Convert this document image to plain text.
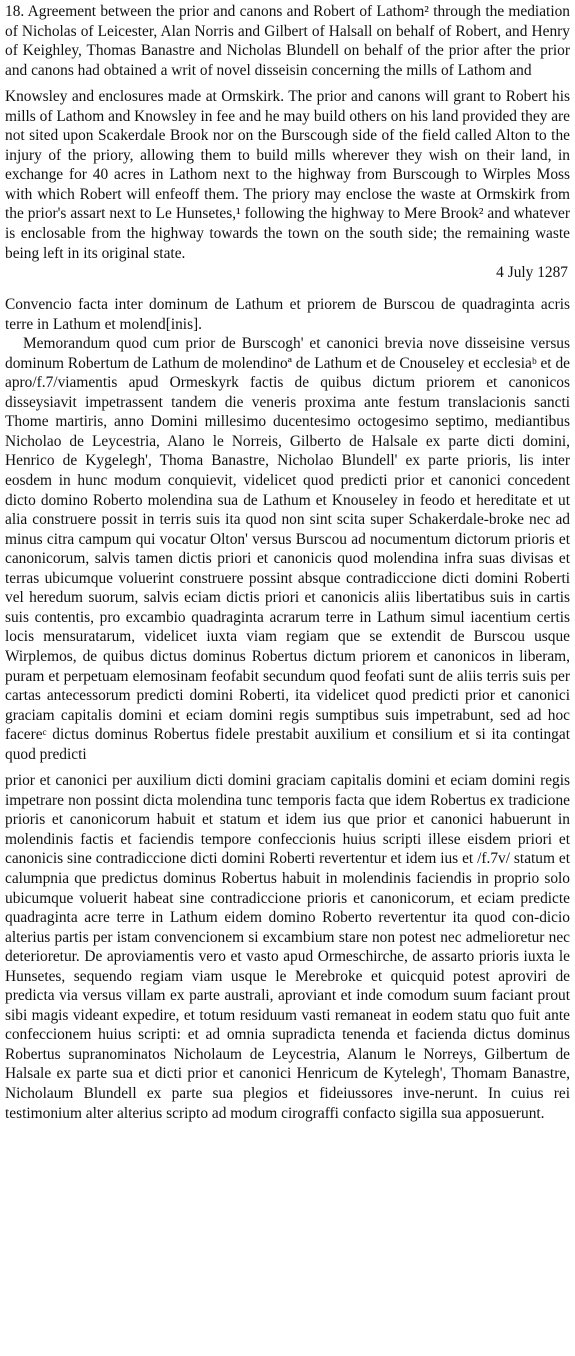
18. Agreement between the prior and canons and Robert of Lathom² through the mediation of Nicholas of Leicester, Alan Norris and Gilbert of Halsall on behalf of Robert, and Henry of Keighley, Thomas Banastre and Nicholas Blundell on behalf of the prior after the prior and canons had obtained a writ of novel disseisin concerning the mills of Lathom and

Knowsley and enclosures made at Ormskirk. The prior and canons will grant to Robert his mills of Lathom and Knowsley in fee and he may build others on his land provided they are not sited upon Scakerdale Brook nor on the Burscough side of the field called Alton to the injury of the priory, allowing them to build mills wherever they wish on their land, in exchange for 40 acres in Lathom next to the highway from Burscough to Wirples Moss with which Robert will enfeoff them. The priory may enclose the waste at Ormskirk from the prior's assart next to Le Hunsetes,¹ following the highway to Mere Brook² and whatever is enclosable from the highway towards the town on the south side; the remaining waste being left in its original state.

4 July 1287

Convencio facta inter dominum de Lathum et priorem de Burscou de quadraginta acris terre in Lathum et molend[inis].

Memorandum quod cum prior de Burscogh' et canonici brevia nove disseisine versus dominum Robertum de Lathum de molendinoª de Lathum et de Cnouseley et ecclesiaᵇ et de apro/f.7/viamentis apud Ormeskyrk factis de quibus dictum priorem et canonicos disseysiavit impetrassent tandem die veneris proxima ante festum translacionis sancti Thome martiris, anno Domini millesimo ducentesimo octogesimo septimo, mediantibus Nicholao de Leycestria, Alano le Norreis, Gilberto de Halsale ex parte dicti domini, Henrico de Kygelegh', Thoma Banastre, Nicholao Blundell' ex parte prioris, lis inter eosdem in hunc modum conquievit, videlicet quod predicti prior et canonici concedent dicto domino Roberto molendina sua de Lathum et Knouseley in feodo et hereditate et ut alia construere possit in terris suis ita quod non sint scita super Schakerdale-broke nec ad minus citra campum qui vocatur Olton' versus Burscou ad nocumentum dictorum prioris et canonicorum, salvis tamen dictis priori et canonicis quod molendina infra suas divisas et terras ubicumque voluerint construere possint absque contradiccione dicti domini Roberti vel heredum suorum, salvis eciam dictis priori et canonicis aliis libertatibus suis in cartis suis contentis, pro excambio quadraginta acrarum terre in Lathum simul iacentium certis locis mensuratarum, videlicet iuxta viam regiam que se extendit de Burscou usque Wirplemos, de quibus dictus dominus Robertus dictum priorem et canonicos in liberam, puram et perpetuam elemosinam feofabit secundum quod feofati sunt de aliis terris suis per cartas antecessorum predicti domini Roberti, ita videlicet quod predicti prior et canonici graciam capitalis domini et eciam domini regis sumptibus suis impetrabunt, sed ad hoc facereᶜ dictus dominus Robertus fidele prestabit auxilium et consilium et si ita contingat quod predicti

prior et canonici per auxilium dicti domini graciam capitalis domini et eciam domini regis impetrare non possint dicta molendina tunc temporis facta que idem Robertus ex tradicione prioris et canonicorum habuit et statum et idem ius que prior et canonici habuerunt in molendinis factis et faciendis tempore confeccionis huius scripti illese eisdem priori et canonicis sine contradiccione dicti domini Roberti revertentur et idem ius et /f.7v/ statum et calumpnia que predictus dominus Robertus habuit in molendinis faciendis in proprio solo ubicumque voluerit habeat sine contradiccione prioris et canonicorum, et eciam predicte quadraginta acre terre in Lathum eidem domino Roberto revertentur ita quod con-dicio alterius partis per istam convencionem si excambium stare non potest nec admelioretur nec deterioretur. De aproviamentis vero et vasto apud Ormeschirche, de assarto prioris iuxta le Hunsetes, sequendo regiam viam usque le Merebroke et quicquid potest aproviri de predicta via versus villam ex parte australi, aproviant et inde comodum suum faciant prout sibi magis videant expedire, et totum residuum vasti remaneat in eodem statu quo fuit ante confeccionem huius scripti: et ad omnia supradicta tenenda et facienda dictus dominus Robertus supranominatos Nicholaum de Leycestria, Alanum le Norreys, Gilbertum de Halsale ex parte sua et dicti prior et canonici Henricum de Kytelegh', Thomam Banastre, Nicholaum Blundell ex parte sua plegios et fideiussores inve-nerunt. In cuius rei testimonium alter alterius scripto ad modum cirograffi confacto sigilla sua apposuerunt.
